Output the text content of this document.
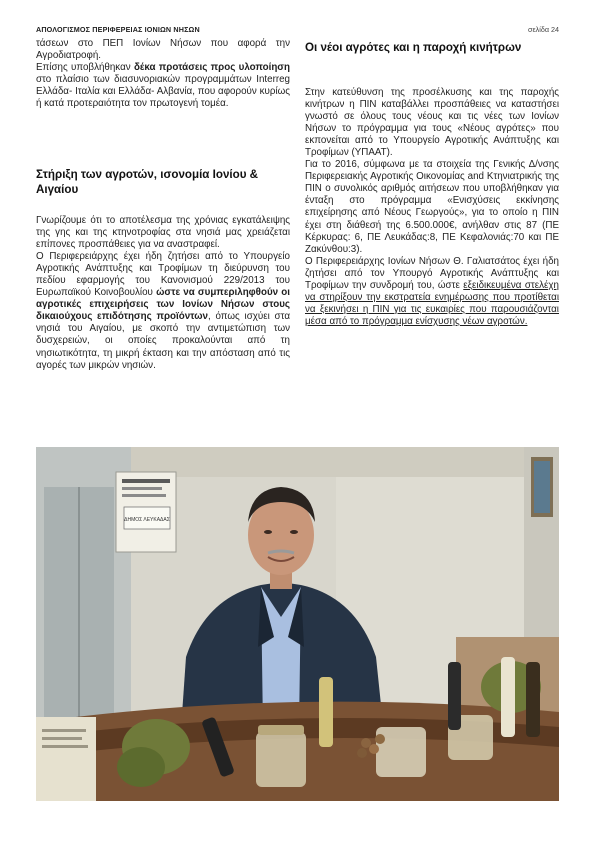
ΑΠΟΛΟΓΙΣΜΟΣ ΠΕΡΙΦΕΡΕΙΑΣ ΙΟΝΙΩΝ ΝΗΣΩΝ	σελίδα 24

τάσεων στο ΠΕΠ Ιονίων Νήσων που αφορά την Αγροδιατροφή.

Επίσης υποβλήθηκαν δέκα προτάσεις προς υλοποίηση στο πλαίσιο των διασυνοριακών προγραμμάτων Interreg Ελλάδα- Ιταλία και Ελλάδα- Αλβανία, που αφορούν κυρίως ή κατά προτεραιότητα τον πρωτογενή τομέα.

Στήριξη των αγροτών, ισονομία Ιονίου & Αιγαίου

Γνωρίζουμε ότι το αποτέλεσμα της χρόνιας εγκατάλειψης της γης και της κτηνοτροφίας στα νησιά μας χρειάζεται επίπονες προσπάθειες για να αναστραφεί.

Ο Περιφερειάρχης έχει ήδη ζητήσει από το Υπουργείο Αγροτικής Ανάπτυξης και Τροφίμων τη διεύρυνση του πεδίου εφαρμογής του Κανονισμού 229/2013 του Ευρωπαϊκού Κοινοβουλίου ώστε να συμπεριληφθούν οι αγροτικές επιχειρήσεις των Ιονίων Νήσων στους δικαιούχους επιδότησης προϊόντων, όπως ισχύει στα νησιά του Αιγαίου, με σκοπό την αντιμετώπιση των δυσχερειών, οι οποίες προκαλούνται από τη νησιωτικότητα, τη μικρή έκταση και την απόσταση από τις αγορές των μικρών νησιών.

Οι νέοι αγρότες και η παροχή κινήτρων

Στην κατεύθυνση της προσέλκυσης και της παροχής κινήτρων η ΠΙΝ καταβάλλει προσπάθειες να καταστήσει γνωστό σε όλους τους νέους και τις νέες των Ιονίων Νήσων το πρόγραμμα για τους «Νέους αγρότες» που εκπονείται από το Υπουργείο Αγροτικής Ανάπτυξης και Τροφίμων (ΥΠΑΑΤ).

Για το 2016, σύμφωνα με τα στοιχεία της Γενικής Δ/νσης Περιφερειακής Αγροτικής Οικονομίας and Κτηνιατρικής της ΠΙΝ ο συνολικός αριθμός αιτήσεων που υποβλήθηκαν για ένταξη στο πρόγραμμα «Ενισχύσεις εκκίνησης επιχείρησης από Νέους Γεωργούς», για το οποίο η ΠΙΝ έχει στη διάθεσή της 6.500.000€, ανήλθαν στις 87 (ΠΕ Κέρκυρας: 6, ΠΕ Λευκάδας:8, ΠΕ Κεφαλονιάς:70 και ΠΕ Ζακύνθου:3).

Ο Περιφερειάρχης Ιονίων Νήσων Θ. Γαλιατσάτος έχει ήδη ζητήσει από τον Υπουργό Αγροτικής Ανάπτυξης και Τροφίμων την συνδρομή του, ώστε εξειδικευμένα στελέχη να στηρίξουν την εκστρατεία ενημέρωσης που προτίθεται να ξεκινήσει η ΠΙΝ για τις ευκαιρίες που παρουσιάζονται μέσα από το πρόγραμμα ενίσχυσης νέων αγροτών.

ΔΗΜΟΣ ΛΕΥΚΑΔΑΣ
